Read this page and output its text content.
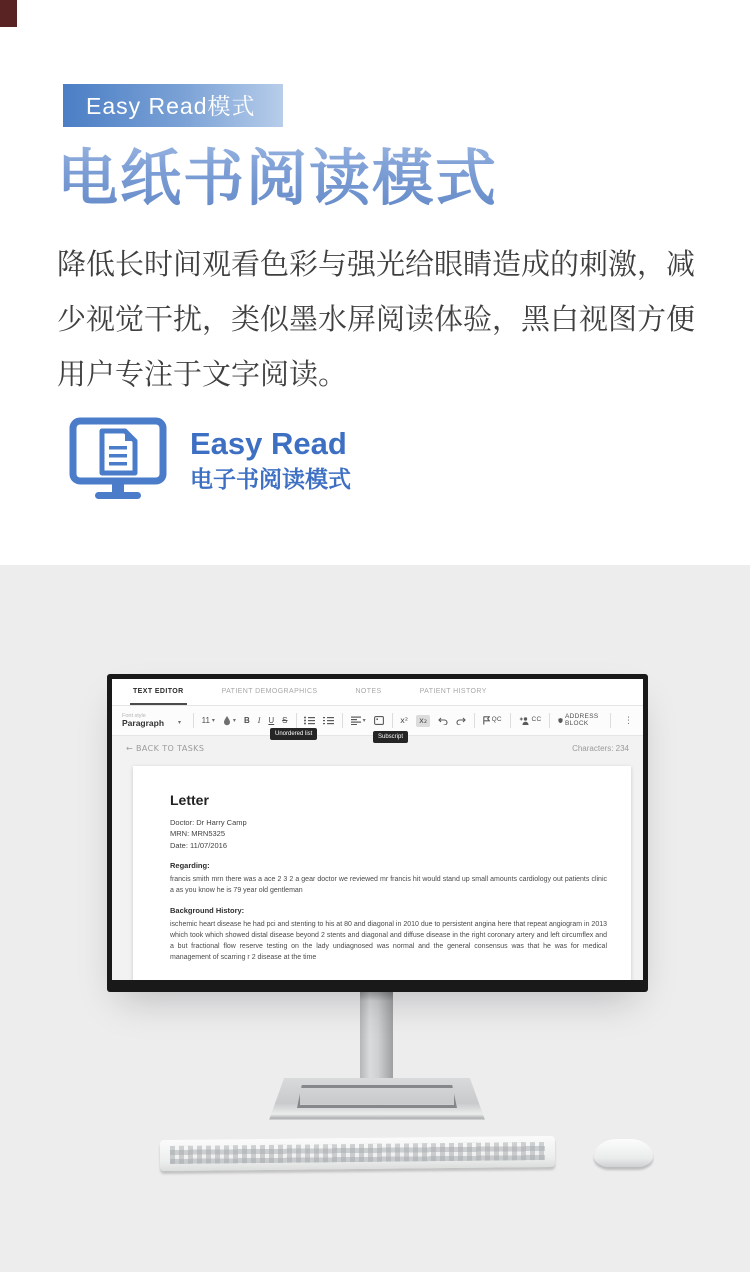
Easy Read模式
电纸书阅读模式

降低长时间观看色彩与强光给眼睛造成的刺激，减少视觉干扰，类似墨水屏阅读体验，黑白视图方便用户专注于文字阅读。

Easy Read
电子书阅读模式
TEXT EDITOR	PATIENT DEMOGRAPHICS	NOTES	PATIENT HISTORY
Font style
Paragraph ▾	11 ▾	▾ B I U S	▾	x²	x₂	QC	CC	ADDRESS BLOCK	⋮
Unordered list	Subscript
← BACK TO TASKS	Characters: 234
Letter
Doctor: Dr Harry Camp
MRN: MRN5325
Date: 11/07/2016
Regarding:
francis smith mrn there was a ace 2 3 2 a gear doctor we reviewed mr francis hit would stand up small amounts cardiology out patients clinic a as you know he is 79 year old gentleman
Background History:
ischemic heart disease he had pci and stenting to his at 80 and diagonal in 2010 due to persistent angina here that repeat angiogram in 2013 which took which showed distal disease beyond 2 stents and diagonal and diffuse disease in the right coronary artery and left circumflex and a but fractional flow reserve testing on the lady undiagnosed was normal and the general consensus was that he was for medical management of scarring r 2 disease at the time
